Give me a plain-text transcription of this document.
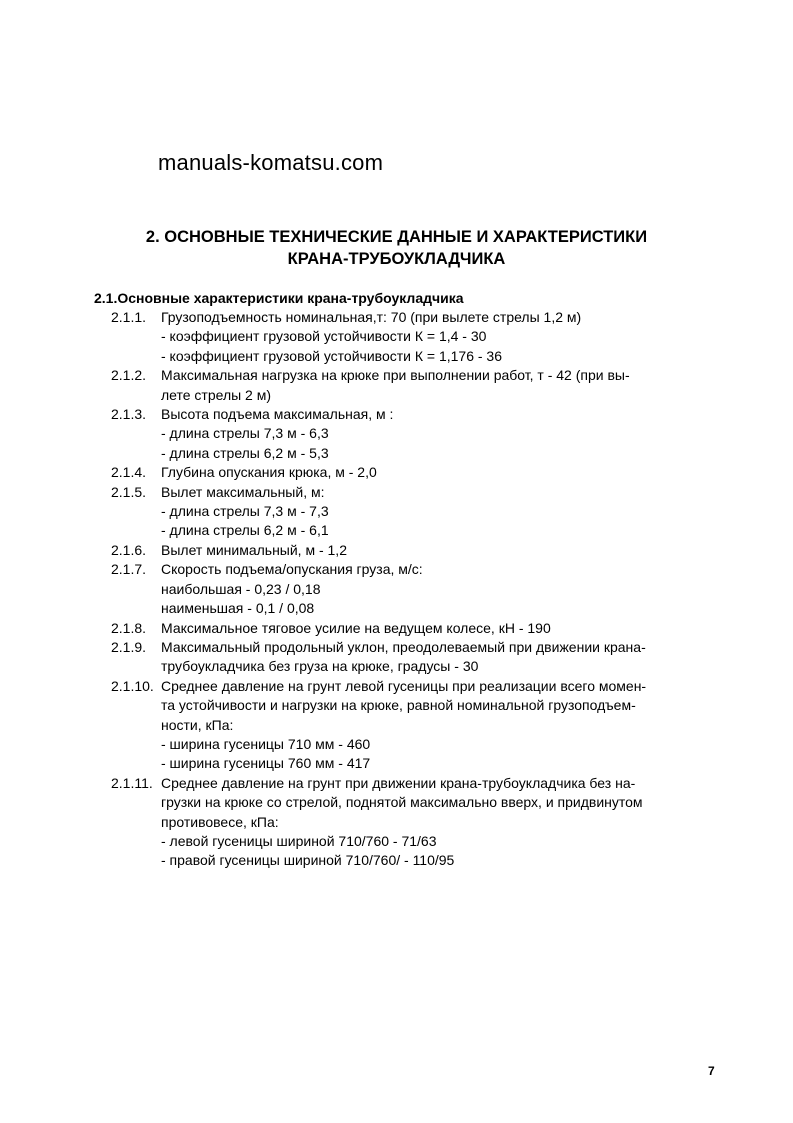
manuals-komatsu.com
2. ОСНОВНЫЕ ТЕХНИЧЕСКИЕ ДАННЫЕ И ХАРАКТЕРИСТИКИ
КРАНА-ТРУБОУКЛАДЧИКА
2.1.Основные характеристики крана-трубоукладчика
2.1.1.	Грузоподъемность номинальная,т: 70 (при вылете стрелы 1,2 м)
- коэффициент грузовой устойчивости К = 1,4 - 30
- коэффициент грузовой устойчивости К = 1,176 - 36
2.1.2.	Максимальная нагрузка на крюке при выполнении работ, т - 42 (при вы-
лете стрелы 2 м)
2.1.3.	Высота подъема максимальная, м :
- длина стрелы 7,3 м - 6,3
- длина стрелы 6,2 м - 5,3
2.1.4.	Глубина опускания крюка, м - 2,0
2.1.5.	Вылет максимальный, м:
- длина стрелы 7,3 м - 7,3
- длина стрелы 6,2 м - 6,1
2.1.6.	Вылет минимальный, м - 1,2
2.1.7.	Скорость подъема/опускания груза, м/с:
наибольшая - 0,23 / 0,18
наименьшая - 0,1 / 0,08
2.1.8.	Максимальное тяговое усилие на ведущем колесе, кН - 190
2.1.9.	Максимальный продольный уклон, преодолеваемый при движении крана-
трубоукладчика без груза на крюке, градусы - 30
2.1.10. Среднее давление на грунт левой гусеницы при реализации всего момен-
та устойчивости и нагрузки на крюке, равной номинальной грузоподъем-
ности, кПа:
- ширина гусеницы 710 мм - 460
- ширина гусеницы 760 мм - 417
2.1.11. Среднее давление на грунт при движении крана-трубоукладчика без на-
грузки на крюке со стрелой, поднятой максимально вверх, и придвинутом
противовесе, кПа:
- левой гусеницы шириной 710/760 - 71/63
- правой гусеницы шириной 710/760/ - 110/95
7
